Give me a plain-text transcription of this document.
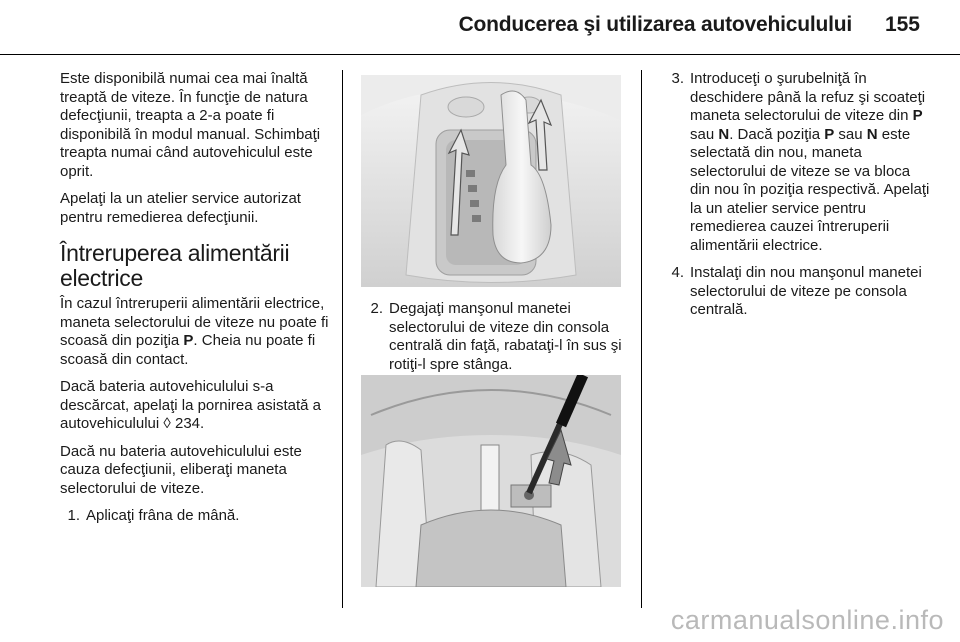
Conducerea şi utilizarea autovehiculului 155

Este disponibilă numai cea mai înaltă treaptă de viteze. În funcţie de natura defecţiunii, treapta a 2-a poate fi disponibilă în modul manual. Schimbaţi treapta numai când autovehiculul este oprit.

Apelaţi la un atelier service autorizat pentru remedierea defecţiunii.

Întreruperea alimentării electrice

În cazul întreruperii alimentării electrice, maneta selectorului de viteze nu poate fi scoasă din poziţia P. Cheia nu poate fi scoasă din contact.

Dacă bateria autovehiculului s-a descărcat, apelaţi la pornirea asistată a autovehiculului ◊ 234.

Dacă nu bateria autovehiculului este cauza defecţiunii, eliberaţi maneta selectorului de viteze.

1. Aplicaţi frâna de mână.
2. Degajaţi manşonul manetei selectorului de viteze din consola centrală din faţă, rabataţi-l în sus şi rotiţi-l spre stânga.
3. Introduceţi o şurubelniţă în deschidere până la refuz şi scoateţi maneta selectorului de viteze din P sau N. Dacă poziţia P sau N este selectată din nou, maneta selectorului de viteze se va bloca din nou în poziţia respectivă. Apelaţi la un atelier service pentru remedierea cauzei întreruperii alimentării electrice.
4. Instalaţi din nou manşonul manetei selectorului de viteze pe consola centrală.
carmanualsonline.info
